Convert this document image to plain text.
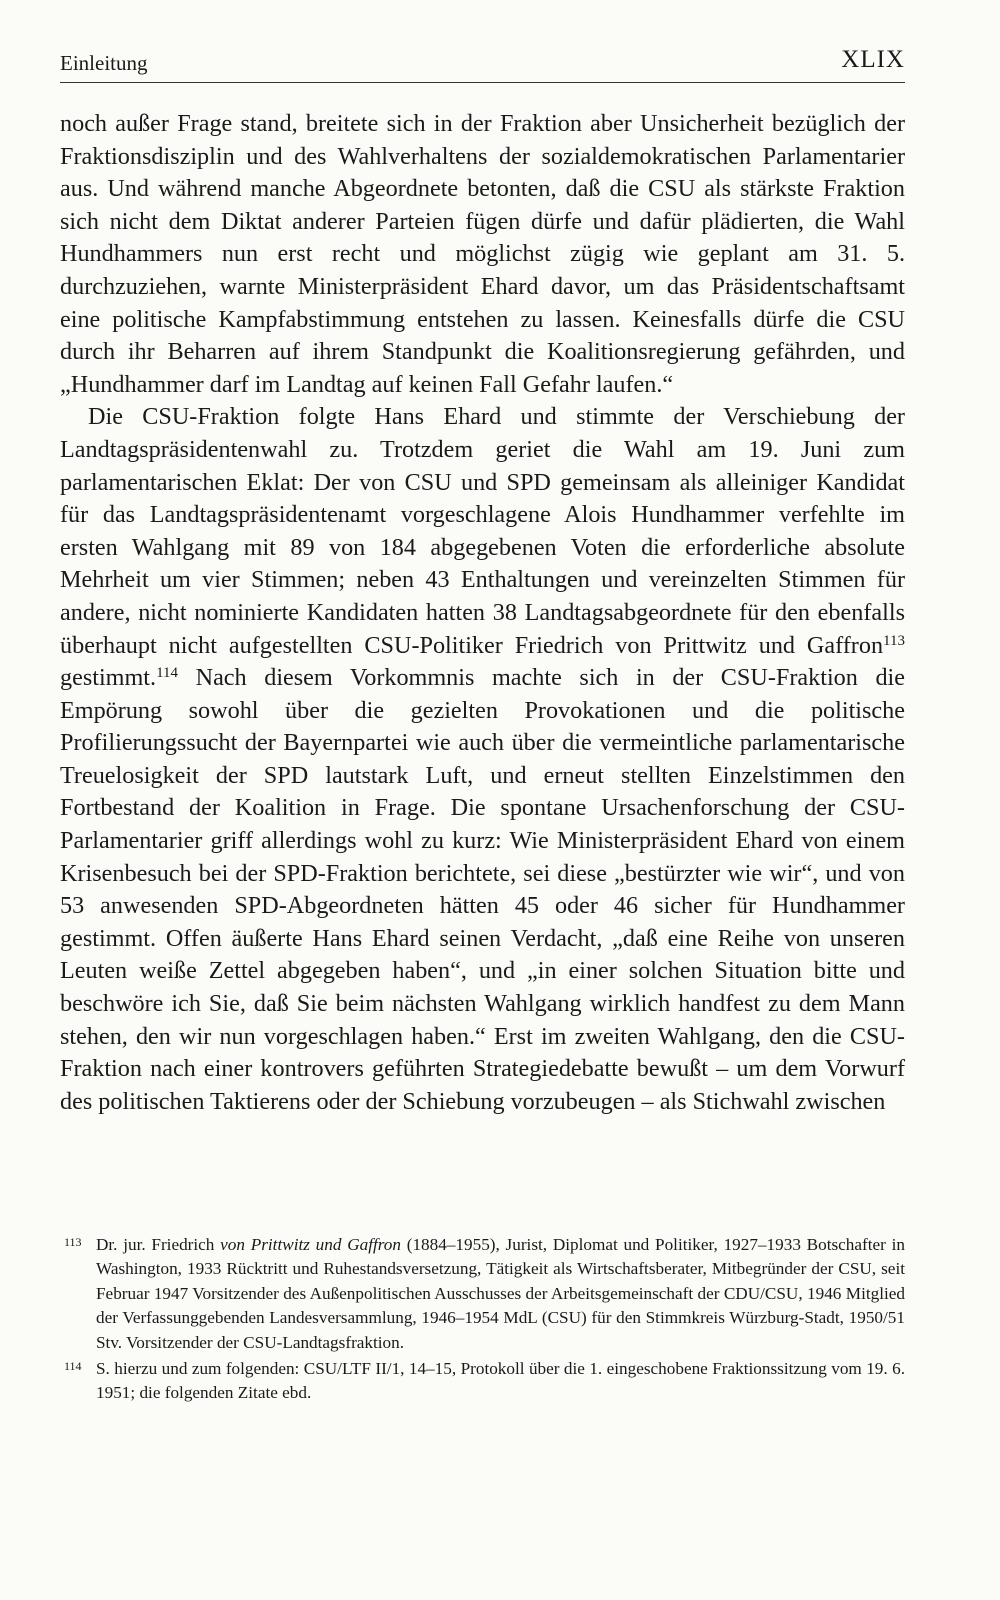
Einleitung	XLIX

noch außer Frage stand, breitete sich in der Fraktion aber Unsicherheit bezüglich der Fraktionsdisziplin und des Wahlverhaltens der sozialdemokratischen Parlamentarier aus. Und während manche Abgeordnete betonten, daß die CSU als stärkste Fraktion sich nicht dem Diktat anderer Parteien fügen dürfe und dafür plädierten, die Wahl Hundhammers nun erst recht und möglichst zügig wie geplant am 31. 5. durchzuziehen, warnte Ministerpräsident Ehard davor, um das Präsidentschaftsamt eine politische Kampfabstimmung entstehen zu lassen. Keinesfalls dürfe die CSU durch ihr Beharren auf ihrem Standpunkt die Koalitionsregierung gefährden, und „Hundhammer darf im Landtag auf keinen Fall Gefahr laufen.“

Die CSU-Fraktion folgte Hans Ehard und stimmte der Verschiebung der Landtagspräsidentenwahl zu. Trotzdem geriet die Wahl am 19. Juni zum parlamentarischen Eklat: Der von CSU und SPD gemeinsam als alleiniger Kandidat für das Landtagspräsidentenamt vorgeschlagene Alois Hundhammer verfehlte im ersten Wahlgang mit 89 von 184 abgegebenen Voten die erforderliche absolute Mehrheit um vier Stimmen; neben 43 Enthaltungen und vereinzelten Stimmen für andere, nicht nominierte Kandidaten hatten 38 Landtagsabgeordnete für den ebenfalls überhaupt nicht aufgestellten CSU-Politiker Friedrich von Prittwitz und Gaffron$^{113}$ gestimmt.$^{114}$ Nach diesem Vorkommnis machte sich in der CSU-Fraktion die Empörung sowohl über die gezielten Provokationen und die politische Profilierungssucht der Bayernpartei wie auch über die vermeintliche parlamentarische Treuelosigkeit der SPD lautstark Luft, und erneut stellten Einzelstimmen den Fortbestand der Koalition in Frage. Die spontane Ursachenforschung der CSU-Parlamentarier griff allerdings wohl zu kurz: Wie Ministerpräsident Ehard von einem Krisenbesuch bei der SPD-Fraktion berichtete, sei diese „bestürzter wie wir“, und von 53 anwesenden SPD-Abgeordneten hätten 45 oder 46 sicher für Hundhammer gestimmt. Offen äußerte Hans Ehard seinen Verdacht, „daß eine Reihe von unseren Leuten weiße Zettel abgegeben haben“, und „in einer solchen Situation bitte und beschwöre ich Sie, daß Sie beim nächsten Wahlgang wirklich handfest zu dem Mann stehen, den wir nun vorgeschlagen haben.“ Erst im zweiten Wahlgang, den die CSU-Fraktion nach einer kontrovers geführten Strategiedebatte bewußt – um dem Vorwurf des politischen Taktierens oder der Schiebung vorzubeugen – als Stichwahl zwischen

113 Dr. jur. Friedrich von Prittwitz und Gaffron (1884–1955), Jurist, Diplomat und Politiker, 1927–1933 Botschafter in Washington, 1933 Rücktritt und Ruhestandsversetzung, Tätigkeit als Wirtschaftsberater, Mitbegründer der CSU, seit Februar 1947 Vorsitzender des Außenpolitischen Ausschusses der Arbeitsgemeinschaft der CDU/CSU, 1946 Mitglied der Verfassunggebenden Landesversammlung, 1946–1954 MdL (CSU) für den Stimmkreis Würzburg-Stadt, 1950/51 Stv. Vorsitzender der CSU-Landtagsfraktion.
114 S. hierzu und zum folgenden: CSU/LTF II/1, 14–15, Protokoll über die 1. eingeschobene Fraktionssitzung vom 19. 6. 1951; die folgenden Zitate ebd.
